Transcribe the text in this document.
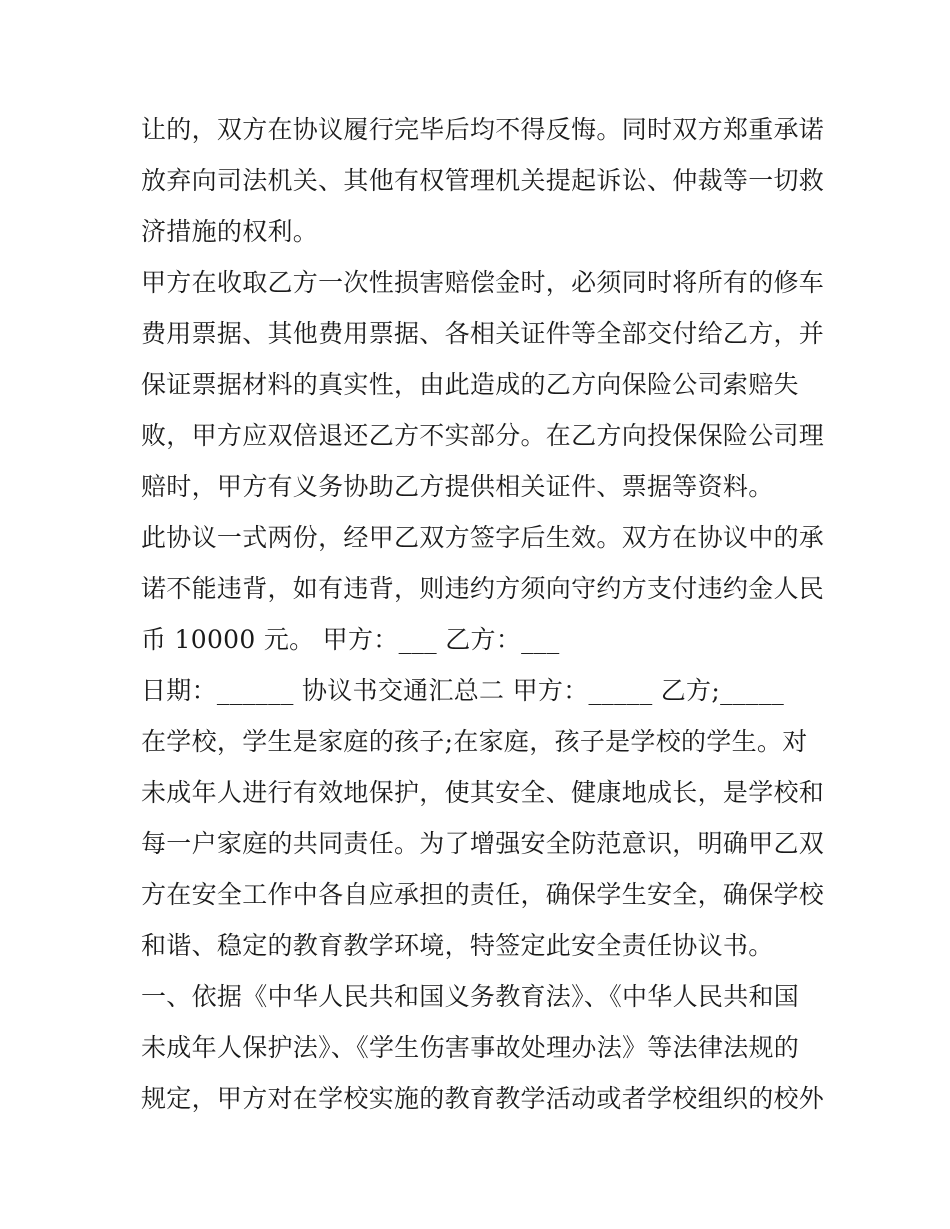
让的，双方在协议履行完毕后均不得反悔。同时双方郑重承诺
放弃向司法机关、其他有权管理机关提起诉讼、仲裁等一切救
济措施的权利。
甲方在收取乙方一次性损害赔偿金时，必须同时将所有的修车
费用票据、其他费用票据、各相关证件等全部交付给乙方，并
保证票据材料的真实性，由此造成的乙方向保险公司索赔失
败，甲方应双倍退还乙方不实部分。在乙方向投保保险公司理
赔时，甲方有义务协助乙方提供相关证件、票据等资料。
此协议一式两份，经甲乙双方签字后生效。双方在协议中的承
诺不能违背，如有违背，则违约方须向守约方支付违约金人民
币 10000 元。 甲方：___ 乙方：___
日期：______ 协议书交通汇总二 甲方：_____ 乙方;_____
在学校，学生是家庭的孩子;在家庭，孩子是学校的学生。对
未成年人进行有效地保护，使其安全、健康地成长，是学校和
每一户家庭的共同责任。为了增强安全防范意识，明确甲乙双
方在安全工作中各自应承担的责任，确保学生安全，确保学校
和谐、稳定的教育教学环境，特签定此安全责任协议书。
一、依据《中华人民共和国义务教育法》、《中华人民共和国
未成年人保护法》、《学生伤害事故处理办法》等法律法规的
规定，甲方对在学校实施的教育教学活动或者学校组织的校外
